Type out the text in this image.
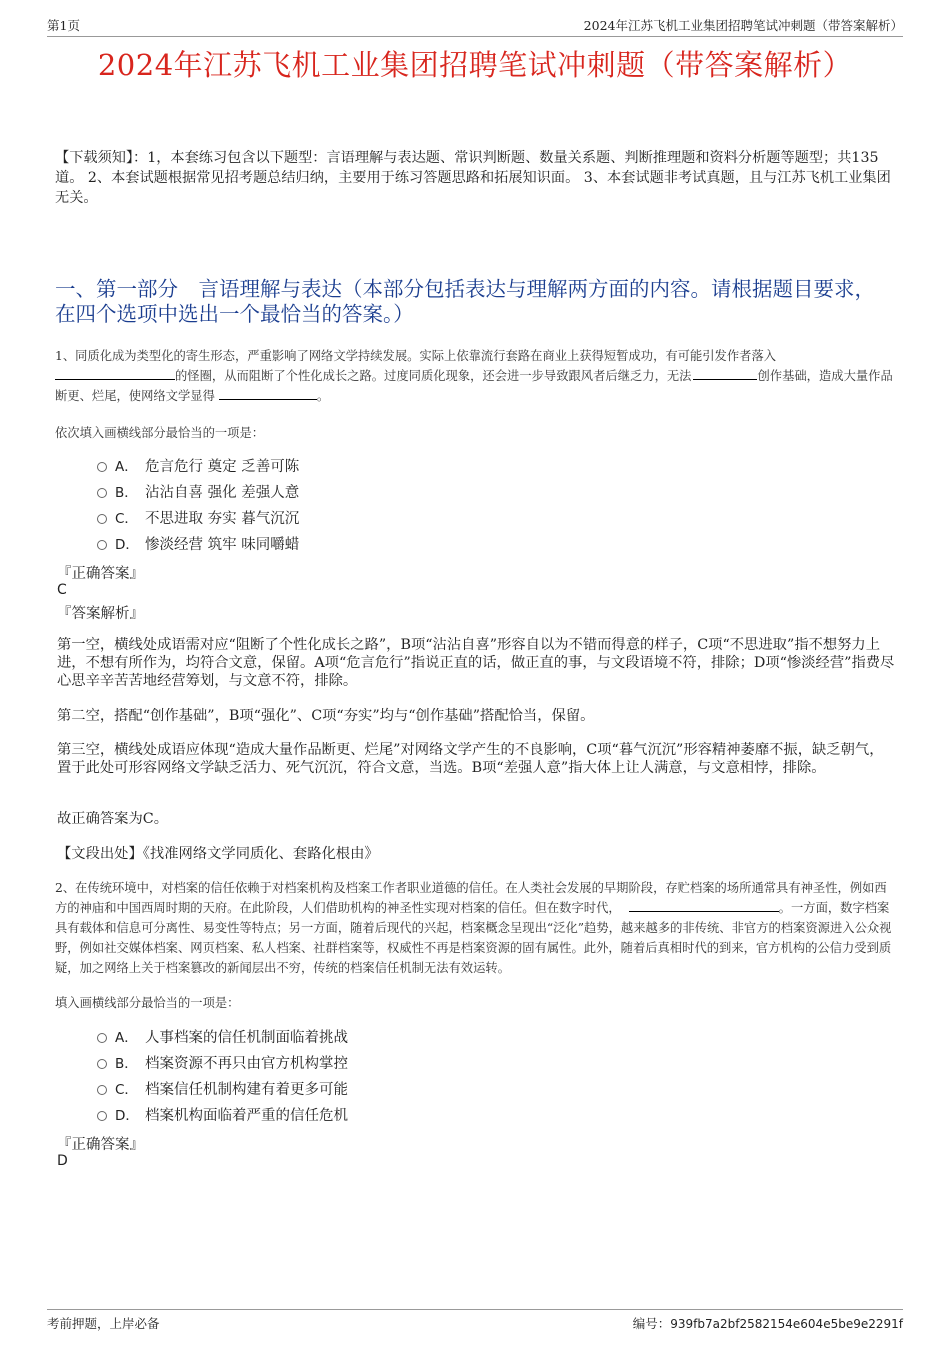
第1页	2024年江苏飞机工业集团招聘笔试冲刺题（带答案解析）
2024年江苏飞机工业集团招聘笔试冲刺题（带答案解析）
【下载须知】：1，本套练习包含以下题型：言语理解与表达题、常识判断题、数量关系题、判断推理题和资料分析题等题型；共135道。 2、本套试题根据常见招考题总结归纳，主要用于练习答题思路和拓展知识面。 3、本套试题非考试真题，且与江苏飞机工业集团无关。
一、第一部分　言语理解与表达（本部分包括表达与理解两方面的内容。请根据题目要求，在四个选项中选出一个最恰当的答案。）
1、同质化成为类型化的寄生形态，严重影响了网络文学持续发展。实际上依靠流行套路在商业上获得短暂成功，有可能引发作者落入
的怪圈，从而阻断了个性化成长之路。过度同质化现象，还会进一步导致跟风者后继乏力，无法	创作基础，造成大量作品断更、烂尾，使网络文学显得	。
依次填入画横线部分最恰当的一项是：
A． 危言危行 奠定 乏善可陈
B． 沾沾自喜 强化 差强人意
C． 不思进取 夯实 暮气沉沉
D． 惨淡经营 筑牢 味同嚼蜡
『正确答案』
C
『答案解析』
第一空，横线处成语需对应“阻断了个性化成长之路”，B项“沾沾自喜”形容自以为不错而得意的样子，C项“不思进取”指不想努力上进，不想有所作为，均符合文意，保留。A项“危言危行”指说正直的话，做正直的事，与文段语境不符，排除；D项“惨淡经营”指费尽心思辛辛苦苦地经营筹划，与文意不符，排除。
第二空，搭配“创作基础”，B项“强化”、C项“夯实”均与“创作基础”搭配恰当，保留。
第三空，横线处成语应体现“造成大量作品断更、烂尾”对网络文学产生的不良影响，C项“暮气沉沉”形容精神萎靡不振，缺乏朝气，置于此处可形容网络文学缺乏活力、死气沉沉，符合文意，当选。B项“差强人意”指大体上让人满意，与文意相悖，排除。
故正确答案为C。
【文段出处】《找准网络文学同质化、套路化根由》
2、在传统环境中，对档案的信任依赖于对档案机构及档案工作者职业道德的信任。在人类社会发展的早期阶段，存贮档案的场所通常具有神圣性，例如西方的神庙和中国西周时期的天府。在此阶段，人们借助机构的神圣性实现对档案的信任。但在数字时代，	。一方面，数字档案具有载体和信息可分离性、易变性等特点；另一方面，随着后现代的兴起，档案概念呈现出“泛化”趋势，越来越多的非传统、非官方的档案资源进入公众视野，例如社交媒体档案、网页档案、私人档案、社群档案等，权威性不再是档案资源的固有属性。此外，随着后真相时代的到来，官方机构的公信力受到质疑，加之网络上关于档案篡改的新闻层出不穷，传统的档案信任机制无法有效运转。
填入画横线部分最恰当的一项是：
A． 人事档案的信任机制面临着挑战
B． 档案资源不再只由官方机构掌控
C． 档案信任机制构建有着更多可能
D． 档案机构面临着严重的信任危机
『正确答案』
D
考前押题，上岸必备	编号：939fb7a2bf2582154e604e5be9e2291f
